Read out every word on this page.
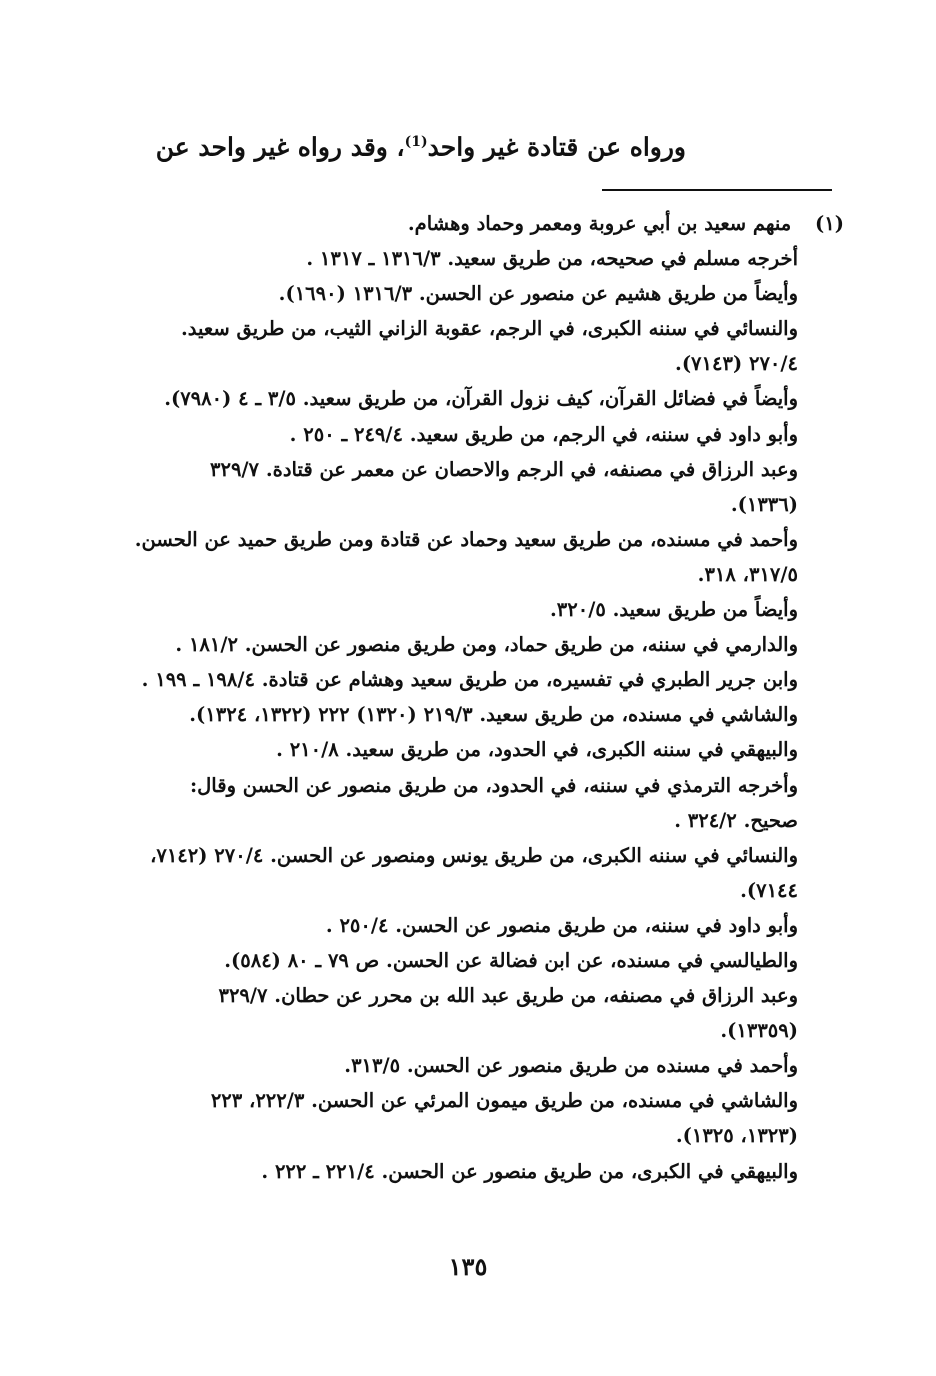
ورواه عن قتادة غير واحد$^{(1)}$، وقد رواه غير واحد عن
(١) منهم سعيد بن أبي عروبة ومعمر وحماد وهشام.
أخرجه مسلم في صحيحه، من طريق سعيد. ١٣١٦/٣ ـ ١٣١٧ .
وأيضاً من طريق هشيم عن منصور عن الحسن. ١٣١٦/٣ (١٦٩٠).
والنسائي في سننه الكبرى، في الرجم، عقوبة الزاني الثيب، من طريق سعيد.
٢٧٠/٤ (٧١٤٣).
وأيضاً في فضائل القرآن، كيف نزول القرآن، من طريق سعيد. ٣/٥ ـ ٤ (٧٩٨٠).
وأبو داود في سننه، في الرجم، من طريق سعيد. ٢٤٩/٤ ـ ٢٥٠ .
وعبد الرزاق في مصنفه، في الرجم والاحصان عن معمر عن قتادة. ٣٢٩/٧
(١٣٣٦).
وأحمد في مسنده، من طريق سعيد وحماد عن قتادة ومن طريق حميد عن الحسن.
٣١٧/٥، ٣١٨.
وأيضاً من طريق سعيد. ٣٢٠/٥.
والدارمي في سننه، من طريق حماد، ومن طريق منصور عن الحسن. ١٨١/٢ .
وابن جرير الطبري في تفسيره، من طريق سعيد وهشام عن قتادة. ١٩٨/٤ ـ ١٩٩ .
والشاشي في مسنده، من طريق سعيد. ٢١٩/٣ (١٣٢٠) ٢٢٢ (١٣٢٢، ١٣٢٤).
والبيهقي في سننه الكبرى، في الحدود، من طريق سعيد. ٢١٠/٨ .
وأخرجه الترمذي في سننه، في الحدود، من طريق منصور عن الحسن وقال:
صحيح. ٣٢٤/٢ .
والنسائي في سننه الكبرى، من طريق يونس ومنصور عن الحسن. ٢٧٠/٤ (٧١٤٢،
٧١٤٤).
وأبو داود في سننه، من طريق منصور عن الحسن. ٢٥٠/٤ .
والطيالسي في مسنده، عن ابن فضالة عن الحسن. ص ٧٩ ـ ٨٠ (٥٨٤).
وعبد الرزاق في مصنفه، من طريق عبد الله بن محرر عن حطان. ٣٢٩/٧
(١٣٣٥٩).
وأحمد في مسنده من طريق منصور عن الحسن. ٣١٣/٥.
والشاشي في مسنده، من طريق ميمون المرئي عن الحسن. ٢٢٢/٣، ٢٢٣
(١٣٢٣، ١٣٢٥).
والبيهقي في الكبرى، من طريق منصور عن الحسن. ٢٢١/٤ ـ ٢٢٢ .
١٣٥
